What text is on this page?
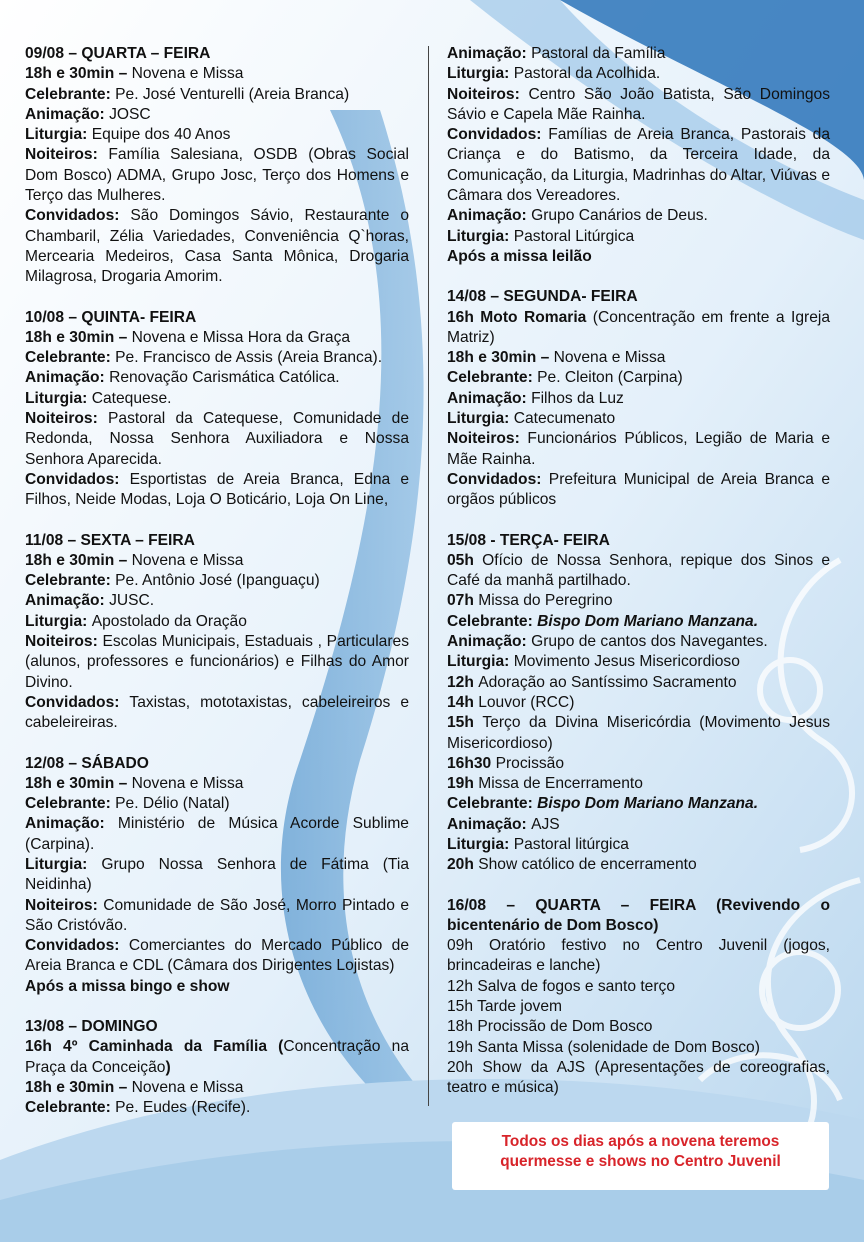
09/08 – QUARTA – FEIRA

18h e 30min – Novena e Missa

Celebrante: Pe. José Venturelli (Areia Branca)

Animação: JOSC

Liturgia: Equipe dos 40 Anos

Noiteiros: Família Salesiana, OSDB (Obras Social Dom Bosco) ADMA, Grupo Josc, Terço dos Homens e Terço das Mulheres.

Convidados: São Domingos Sávio, Restaurante o Chambaril, Zélia Variedades, Conveniência Q`horas, Mercearia Medeiros, Casa Santa Mônica, Drogaria Milagrosa, Drogaria Amorim.

10/08 – QUINTA- FEIRA

18h e 30min – Novena e Missa Hora da Graça

Celebrante: Pe. Francisco de Assis (Areia Branca).

Animação: Renovação Carismática Católica.

Liturgia: Catequese.

Noiteiros: Pastoral da Catequese, Comunidade de Redonda, Nossa Senhora Auxiliadora e Nossa Senhora Aparecida.

Convidados: Esportistas de Areia Branca, Edna e Filhos, Neide Modas, Loja O Boticário, Loja On Line,

11/08 – SEXTA – FEIRA

18h e 30min – Novena e Missa

Celebrante: Pe. Antônio José (Ipanguaçu)

Animação: JUSC.

Liturgia: Apostolado da Oração

Noiteiros: Escolas Municipais, Estaduais , Particulares (alunos, professores e funcionários) e Filhas do Amor Divino.

Convidados: Taxistas, mototaxistas, cabeleireiros e cabeleireiras.

12/08 – SÁBADO

18h e 30min – Novena e Missa

Celebrante: Pe. Délio (Natal)

Animação: Ministério de Música Acorde Sublime (Carpina).

Liturgia: Grupo Nossa Senhora de Fátima (Tia Neidinha)

Noiteiros: Comunidade de São José, Morro Pintado e São Cristóvão.

Convidados: Comerciantes do Mercado Público de Areia Branca e CDL (Câmara dos Dirigentes Lojistas)

Após a missa bingo e show

13/08 – DOMINGO

16h 4º Caminhada da Família (Concentração na Praça da Conceição)

18h e 30min – Novena e Missa

Celebrante: Pe. Eudes (Recife).

Animação: Pastoral da Família

Liturgia: Pastoral da Acolhida.

Noiteiros: Centro São João Batista, São Domingos Sávio e Capela Mãe Rainha.

Convidados: Famílias de Areia Branca, Pastorais da Criança e do Batismo, da Terceira Idade, da Comunicação, da Liturgia, Madrinhas do Altar, Viúvas e Câmara dos Vereadores.

Animação: Grupo Canários de Deus.

Liturgia: Pastoral Litúrgica

Após a missa leilão

14/08 – SEGUNDA- FEIRA

16h Moto Romaria (Concentração em frente a Igreja Matriz)

18h e 30min – Novena e Missa

Celebrante: Pe. Cleiton (Carpina)

Animação: Filhos da Luz

Liturgia: Catecumenato

Noiteiros: Funcionários Públicos, Legião de Maria e Mãe Rainha.

Convidados: Prefeitura Municipal de Areia Branca e orgãos públicos

15/08 - TERÇA- FEIRA

05h Ofício de Nossa Senhora, repique dos Sinos e Café da manhã partilhado.

07h Missa do Peregrino

Celebrante: Bispo Dom Mariano Manzana.

Animação: Grupo de cantos dos Navegantes.

Liturgia: Movimento Jesus Misericordioso

12h Adoração ao Santíssimo Sacramento

14h Louvor (RCC)

15h Terço da Divina Misericórdia (Movimento Jesus Misericordioso)

16h30 Procissão

19h Missa de Encerramento

Celebrante: Bispo Dom Mariano Manzana.

Animação: AJS

Liturgia: Pastoral litúrgica

20h Show católico de encerramento

16/08 – QUARTA – FEIRA (Revivendo o bicentenário de Dom Bosco)

09h Oratório festivo no Centro Juvenil (jogos, brincadeiras e lanche)

12h Salva de fogos e santo terço

15h Tarde jovem

18h Procissão de Dom Bosco

19h Santa Missa (solenidade de Dom Bosco)

20h Show da AJS (Apresentações de coreografias, teatro e música)

Todos os dias após a novena teremos
quermesse e shows no Centro Juvenil
